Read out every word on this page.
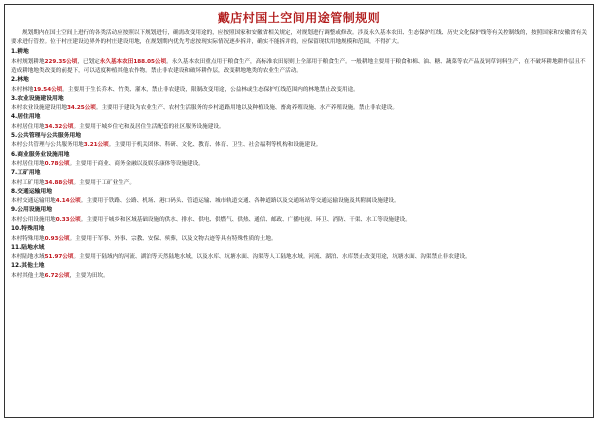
戴店村国土空间用途管制规则

规划期内在国土空间上进行的各类活动应按照以下规划进行，确需改变用途的，应按照国家和安徽省相关规定，对规划进行调整或修改。涉及永久基本农田、生态保护红线、历史文化保护线等有关控制线的，按照国家和安徽省有关要求进行管控。位于村庄建设边界外的村庄建设用地，在规划期内优先考虑按现实际情况逐步拆并，确实不能拆并的，应保留现状用地规模和范围，不得扩大。

1.耕地

本村规划耕地229.35公顷，已划定永久基本农田188.05公顷。永久基本农田重点用于粮食生产，高标准农田原则上全部用于粮食生产。一般耕地主要用于粮食和棉、油、糖、蔬菜等农产品及饲草饲料生产，在不破坏耕地耕作层且不造成耕地地类改变的前提下，可以适度种植其他农作物。禁止非农建设和破坏耕作层，改变耕地地类的农业生产活动。

2.林地

本村林地19.54公顷。主要用于生长乔木、竹类、灌木，禁止非农建设，限制改变用途，公益林或生态保护红线范围内的林地禁止改变用途。

3.农业设施建设用地

本村农业设施建设用地34.25公顷。主要用于建设为农业生产、农村生活服务的乡村道路用地以及种植设施、畜禽养殖设施、水产养殖设施。禁止非农建设。

4.居住用地

本村居住用地34.32公顷。主要用于城乡住宅和及居住生活配套的社区服务设施建设。

5.公共管理与公共服务用地

本村公共管理与公共服务用地3.21公顷。主要用于机关团体、科研、文化、教育、体育、卫生、社会福利等机构和设施建设。

6.商业服务业设施用地

本村居住用地0.78公顷。主要用于商业、商务金融以及娱乐康体等设施建设。

7.工矿用地

本村工矿用地34.88公顷。主要用于工矿业生产。

8.交通运输用地

本村交通运输用地4.14公顷。主要用于铁路、公路、机场、港口码头、管道运输、城市轨道交通、各种道路以及交通场站等交通运输设施及其附属设施建设。

9.公用设施用地

本村公用设施用地0.33公顷。主要用于城乡和区域基础设施的供水、排水、供电、供燃气、供热、通信、邮政、广播电视、环卫、消防、干渠、水工等设施建设。

10.特殊用地

本村特殊用地0.93公顷。主要用于军事、外事、宗教、安保、殡葬，以及文物古迹等具有特殊性质的土地。

11.陆地水域

本村陆地水域51.97公顷。主要用于陆域内的河流、湖泊等天然陆地水域，以及水库、坑塘水面、沟渠等人工陆地水域。河流、湖泊、水库禁止改变用途，坑塘水面、沟渠禁止非农建设。

12.其他土地

本村其他土地6.72公顷，主要为田坎。
